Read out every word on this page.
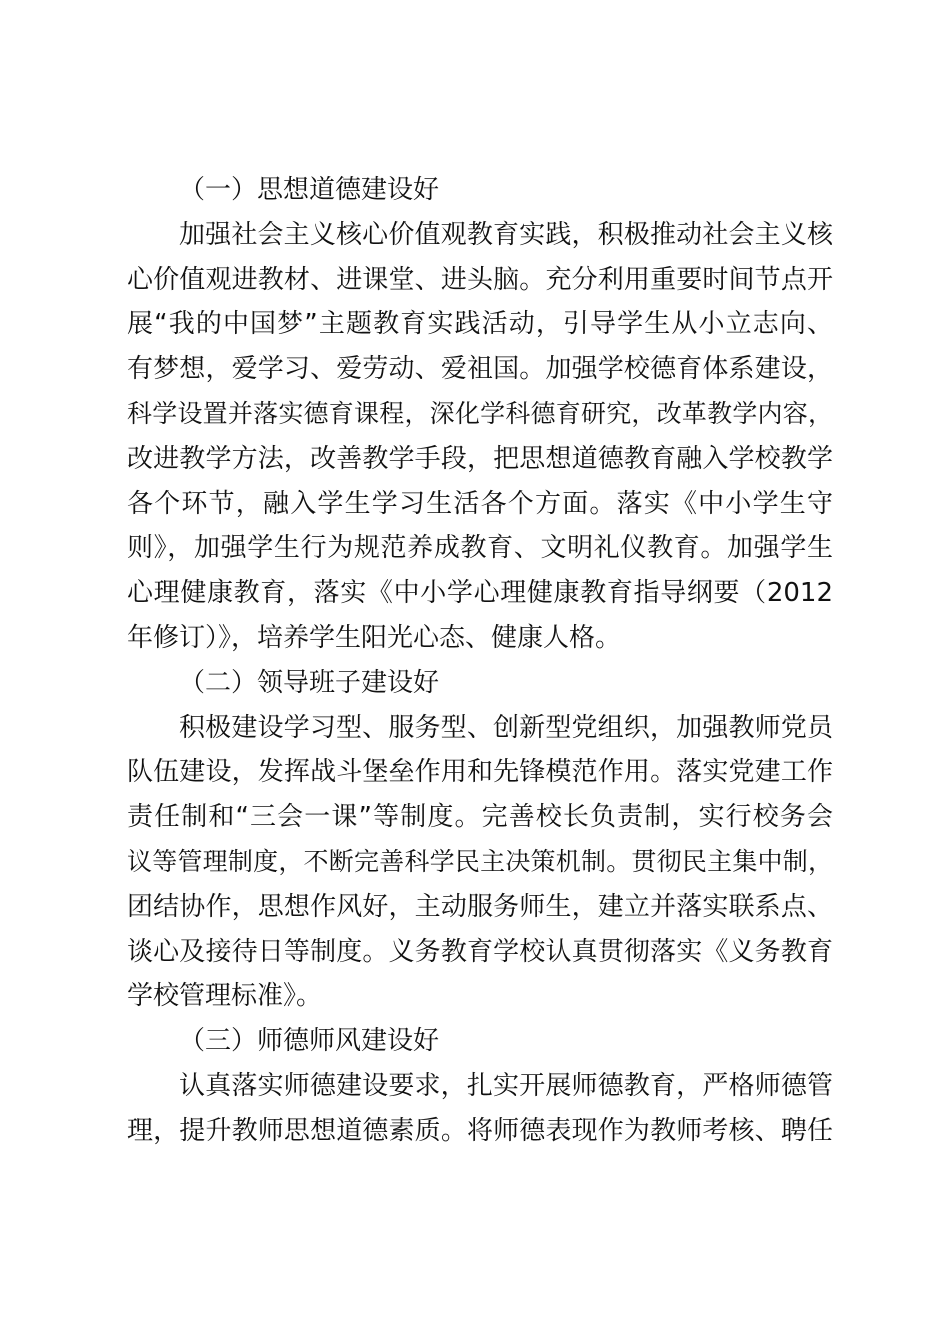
（一）思想道德建设好

加强社会主义核心价值观教育实践，积极推动社会主义核

心价值观进教材、进课堂、进头脑。充分利用重要时间节点开

展“我的中国梦”主题教育实践活动，引导学生从小立志向、

有梦想，爱学习、爱劳动、爱祖国。加强学校德育体系建设，

科学设置并落实德育课程，深化学科德育研究，改革教学内容，

改进教学方法，改善教学手段，把思想道德教育融入学校教学

各个环节，融入学生学习生活各个方面。落实《中小学生守

则》，加强学生行为规范养成教育、文明礼仪教育。加强学生

心理健康教育，落实《中小学心理健康教育指导纲要（2012

年修订）》，培养学生阳光心态、健康人格。

（二）领导班子建设好

积极建设学习型、服务型、创新型党组织，加强教师党员

队伍建设，发挥战斗堡垒作用和先锋模范作用。落实党建工作

责任制和“三会一课”等制度。完善校长负责制，实行校务会

议等管理制度，不断完善科学民主决策机制。贯彻民主集中制，

团结协作，思想作风好，主动服务师生，建立并落实联系点、

谈心及接待日等制度。义务教育学校认真贯彻落实《义务教育

学校管理标准》。

（三）师德师风建设好

认真落实师德建设要求，扎实开展师德教育，严格师德管

理，提升教师思想道德素质。将师德表现作为教师考核、聘任
